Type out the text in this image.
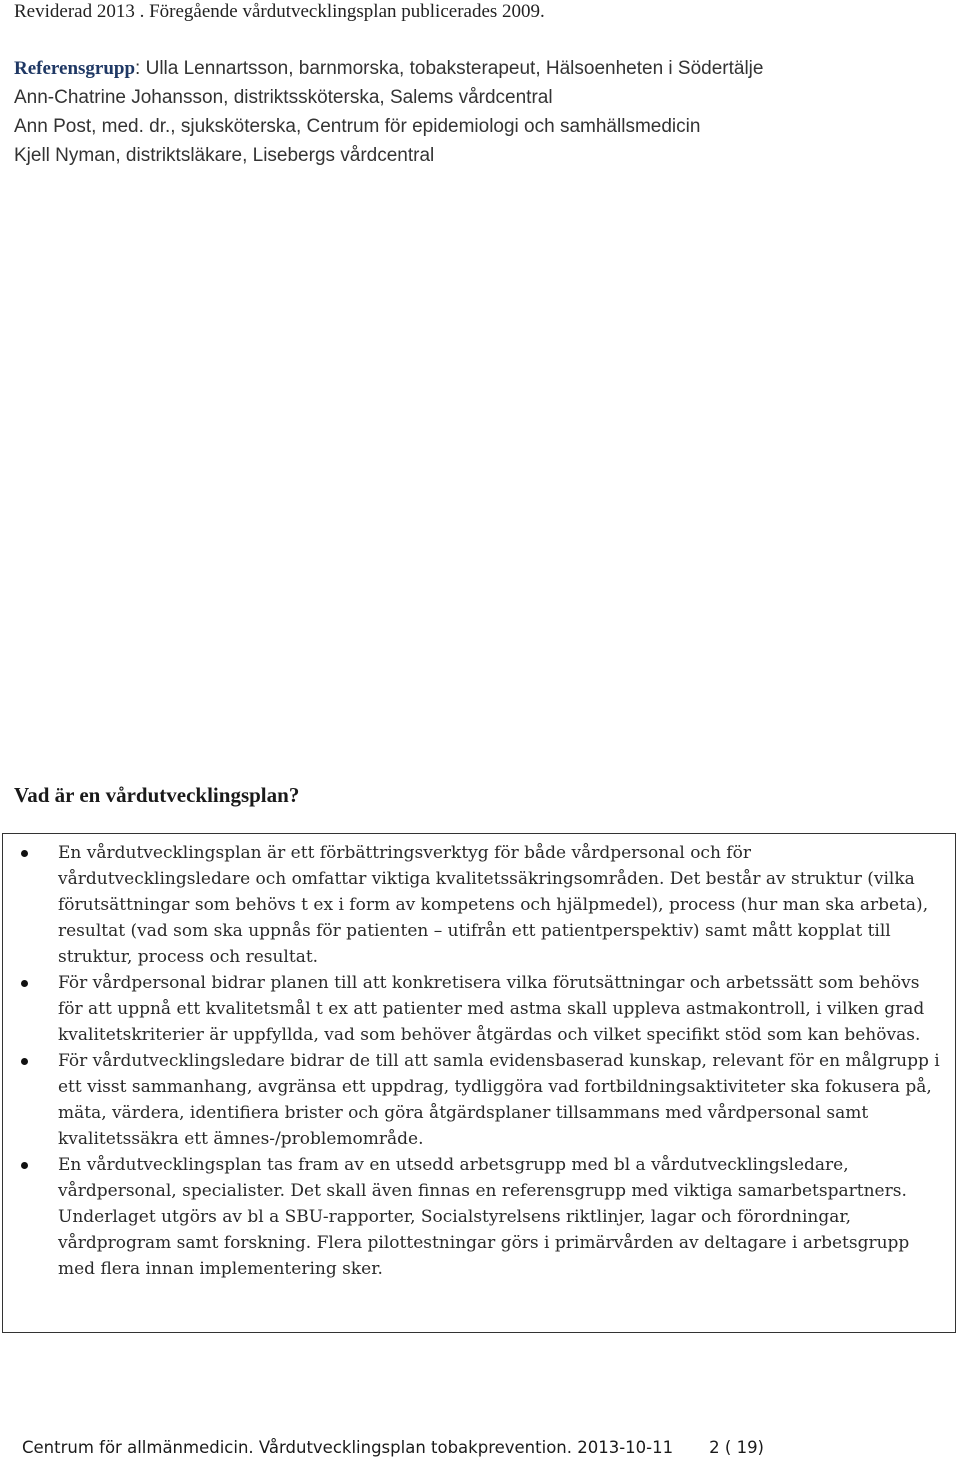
Reviderad 2013 . Föregående vårdutvecklingsplan publicerades 2009.
Referensgrupp: Ulla Lennartsson, barnmorska, tobaksterapeut, Hälsoenheten i Södertälje
Ann-Chatrine Johansson, distriktssköterska, Salems vårdcentral
Ann Post, med. dr., sjuksköterska, Centrum för epidemiologi och samhällsmedicin
Kjell Nyman, distriktsläkare, Lisebergs vårdcentral
Vad är en vårdutvecklingsplan?
En vårdutvecklingsplan är ett förbättringsverktyg för både vårdpersonal och för vårdutvecklingsledare och omfattar viktiga kvalitetssäkringsområden. Det består av struktur (vilka förutsättningar som behövs t ex i form av kompetens och hjälpmedel), process (hur man ska arbeta), resultat (vad som ska uppnås för patienten – utifrån ett patientperspektiv) samt mått kopplat till struktur, process och resultat.
För vårdpersonal bidrar planen till att konkretisera vilka förutsättningar och arbetssätt som behövs för att uppnå ett kvalitetsmål t ex att patienter med astma skall uppleva astmakontroll, i vilken grad kvalitetskriterier är uppfyllda, vad som behöver åtgärdas och vilket specifikt stöd som kan behövas.
För vårdutvecklingsledare bidrar de till att samla evidensbaserad kunskap, relevant för en målgrupp i ett visst sammanhang, avgränsa ett uppdrag, tydliggöra vad fortbildningsaktiviteter ska fokusera på, mäta, värdera, identifiera brister och göra åtgärdsplaner tillsammans med vårdpersonal samt kvalitetssäkra ett ämnes-/problemområde.
En vårdutvecklingsplan tas fram av en utsedd arbetsgrupp med bl a vårdutvecklingsledare, vårdpersonal, specialister. Det skall även finnas en referensgrupp med viktiga samarbetspartners. Underlaget utgörs av bl a SBU-rapporter, Socialstyrelsens riktlinjer, lagar och förordningar, vårdprogram samt forskning. Flera pilottestningar görs i primärvården av deltagare i arbetsgrupp med flera innan implementering sker.
Centrum för allmänmedicin. Vårdutvecklingsplan tobakprevention. 2013-10-11 2 ( 19)
